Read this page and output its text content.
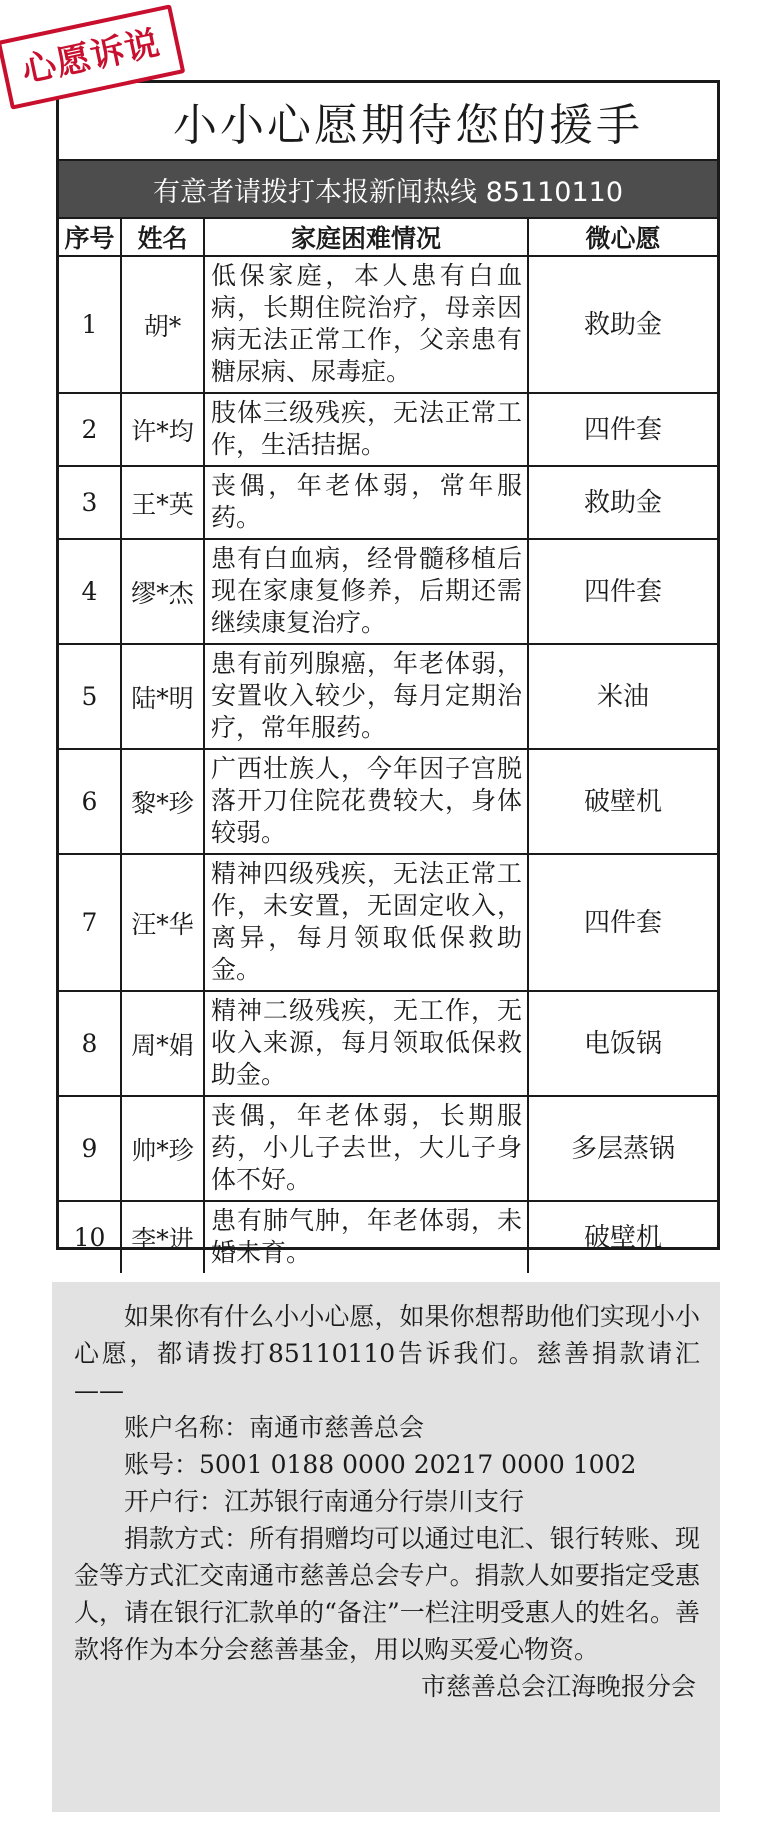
心愿诉说
小小心愿期待您的援手
有意者请拨打本报新闻热线 85110110
序号	姓名	家庭困难情况	微心愿
1	胡*	低保家庭，本人患有白血病，长期住院治疗，母亲因病无法正常工作，父亲患有糖尿病、尿毒症。	救助金
2	许*均	肢体三级残疾，无法正常工作，生活拮据。	四件套
3	王*英	丧偶，年老体弱，常年服药。	救助金
4	缪*杰	患有白血病，经骨髓移植后现在家康复修养，后期还需继续康复治疗。	四件套
5	陆*明	患有前列腺癌，年老体弱，安置收入较少，每月定期治疗，常年服药。	米油
6	黎*珍	广西壮族人，今年因子宫脱落开刀住院花费较大，身体较弱。	破壁机
7	汪*华	精神四级残疾，无法正常工作，未安置，无固定收入，离异，每月领取低保救助金。	四件套
8	周*娟	精神二级残疾，无工作，无收入来源，每月领取低保救助金。	电饭锅
9	帅*珍	丧偶，年老体弱，长期服药，小儿子去世，大儿子身体不好。	多层蒸锅
10	李*进	患有肺气肿，年老体弱，未婚未育。	破壁机

如果你有什么小小心愿，如果你想帮助他们实现小小心愿，都请拨打85110110告诉我们。慈善捐款请汇——

账户名称：南通市慈善总会

账号：5001 0188 0000 20217 0000 1002

开户行：江苏银行南通分行崇川支行

捐款方式：所有捐赠均可以通过电汇、银行转账、现金等方式汇交南通市慈善总会专户。捐款人如要指定受惠人，请在银行汇款单的“备注”一栏注明受惠人的姓名。善款将作为本分会慈善基金，用以购买爱心物资。

市慈善总会江海晚报分会
